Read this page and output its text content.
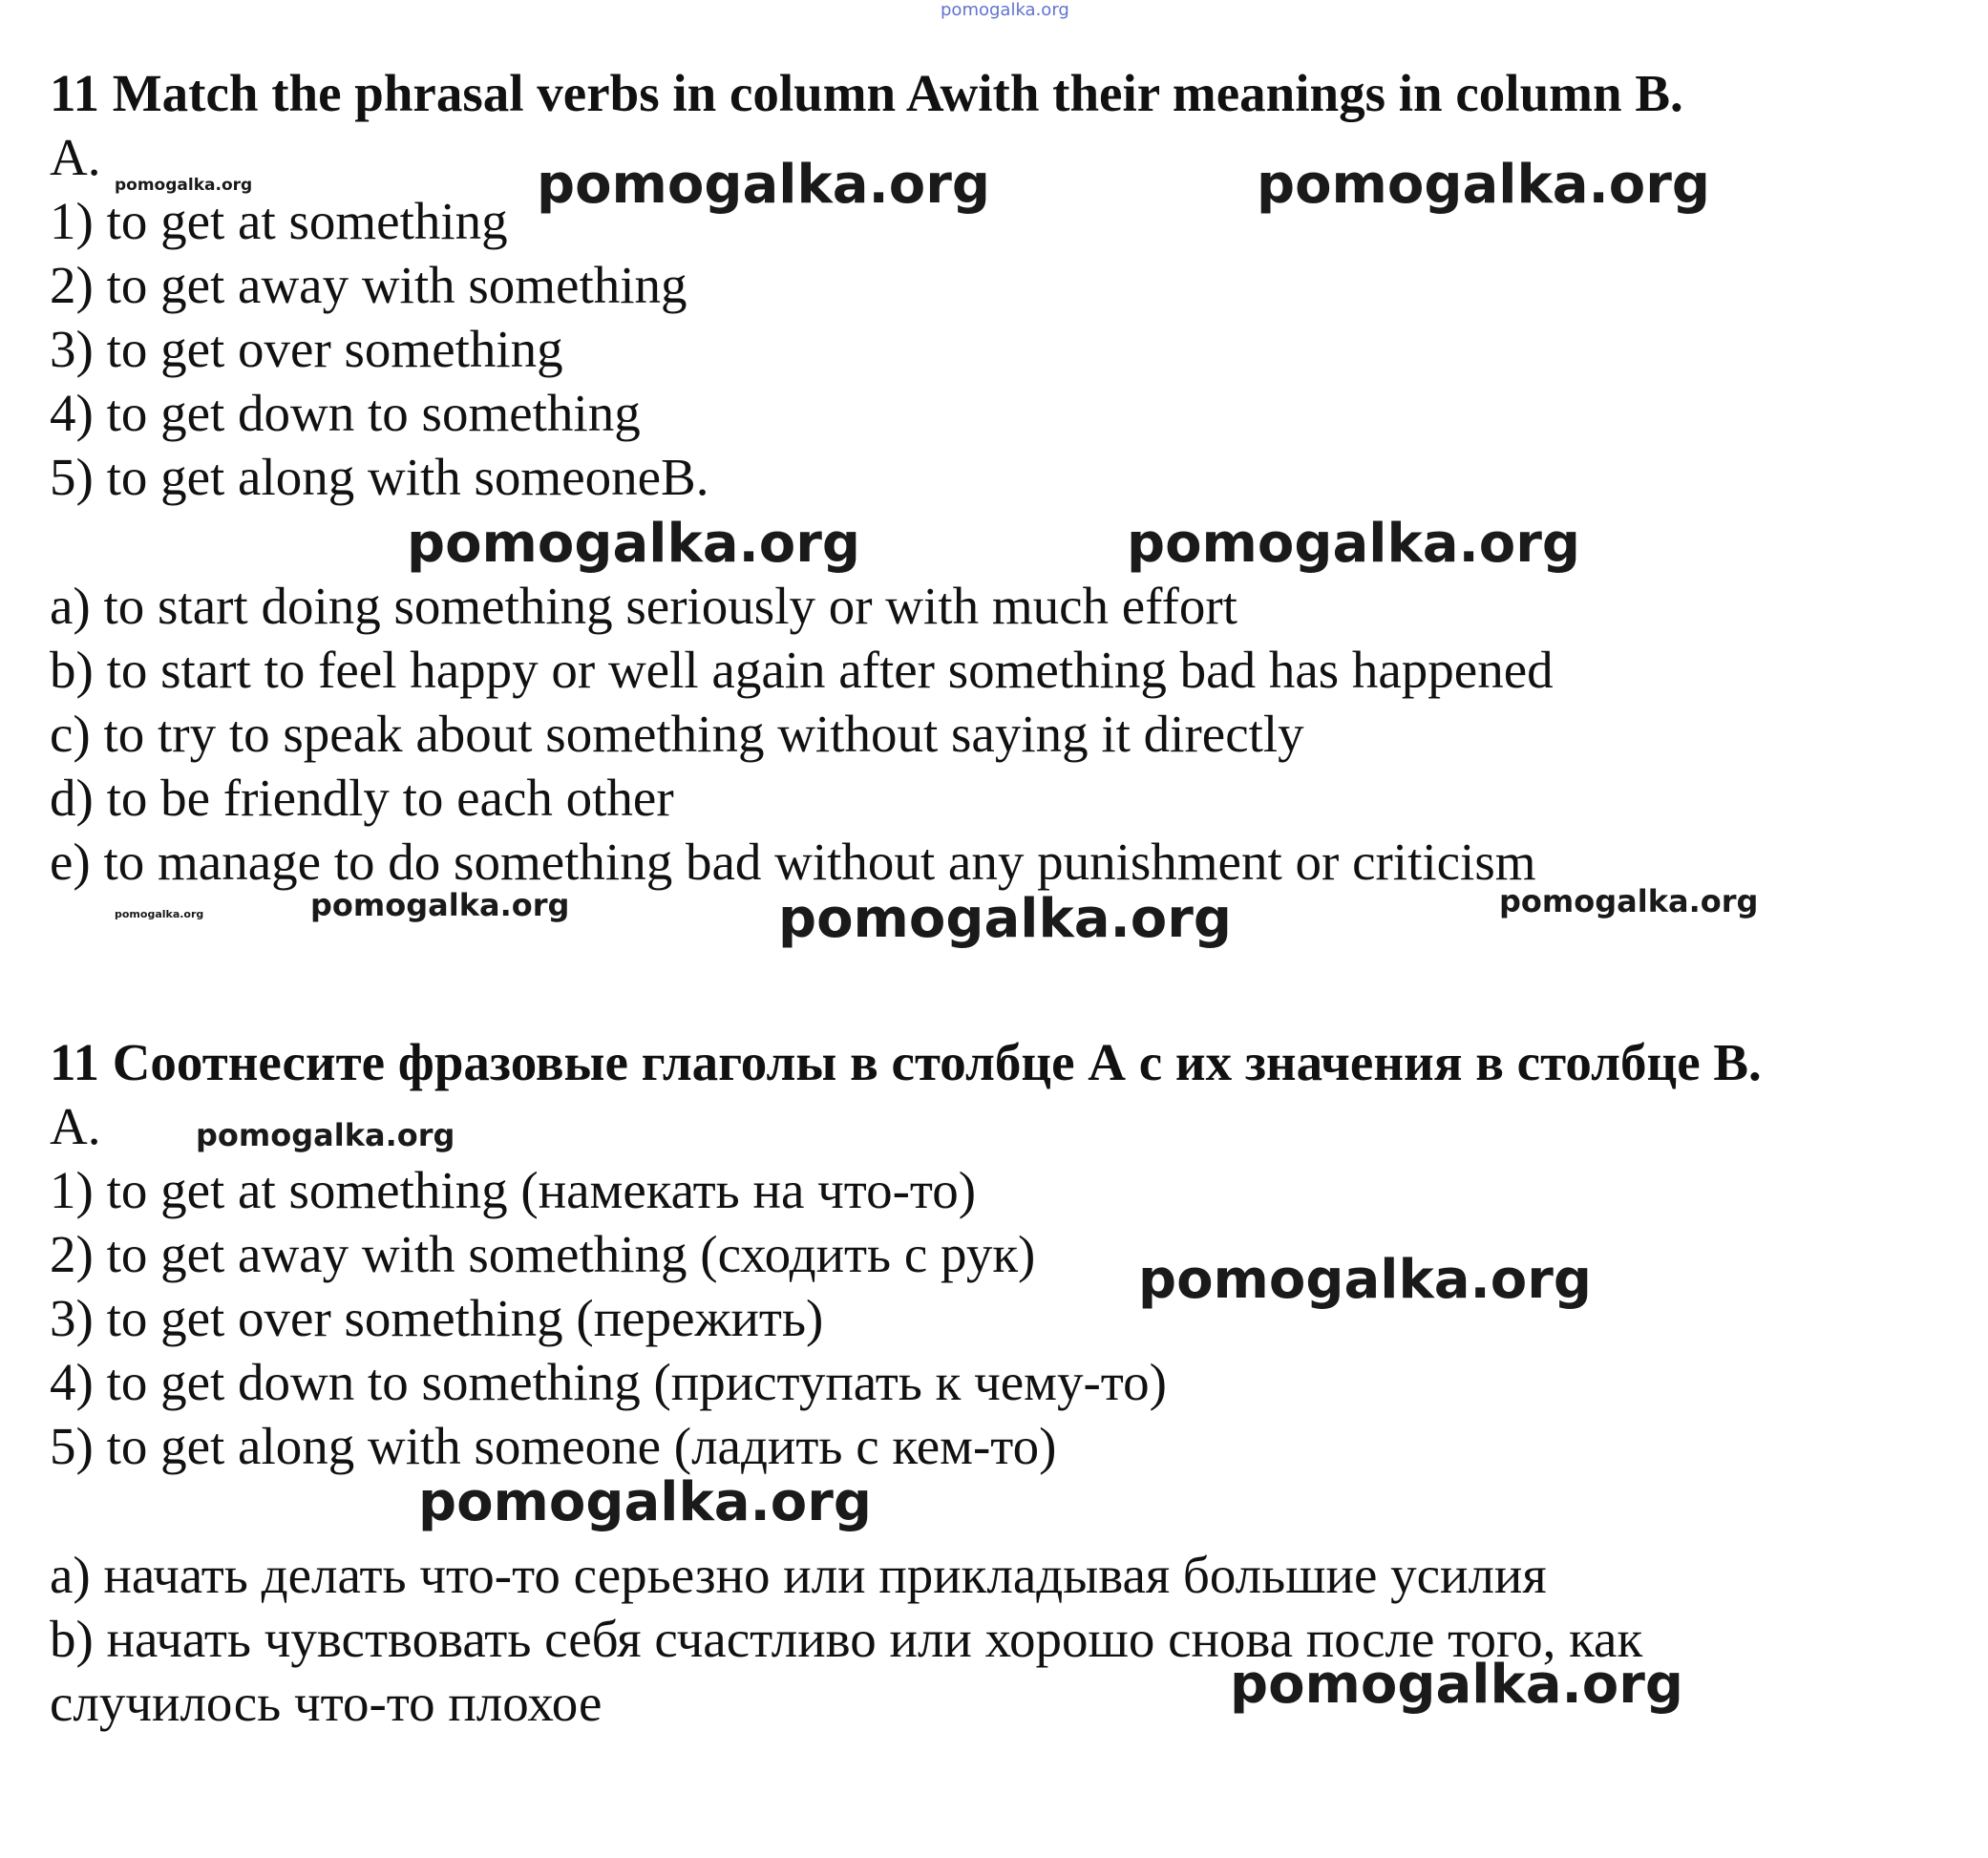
pomogalka.org
11 Match the phrasal verbs in column Awith their meanings in column B.
A.
1) to get at something
2) to get away with something
3) to get over something
4) to get down to something
5) to get along with someoneB.
a) to start doing something seriously or with much effort
b) to start to feel happy or well again after something bad has happened
c) to try to speak about something without saying it directly
d) to be friendly to each other
e) to manage to do something bad without any punishment or criticism
11 Соотнесите фразовые глаголы в столбце А с их значения в столбце В.
А.
1) to get at something (намекать на что-то)
2) to get away with something (сходить с рук)
3) to get over something (пережить)
4) to get down to something (приступать к чему-то)
5) to get along with someone (ладить с кем-то)
a) начать делать что-то серьезно или прикладывая большие усилия
b) начать чувствовать себя счастливо или хорошо снова после того, как
случилось что-то плохое
pomogalka.org	pomogalka.org	pomogalka.org
pomogalka.org	pomogalka.org
pomogalka.org	pomogalka.org	pomogalka.org	pomogalka.org
pomogalka.org
pomogalka.org
pomogalka.org
pomogalka.org
